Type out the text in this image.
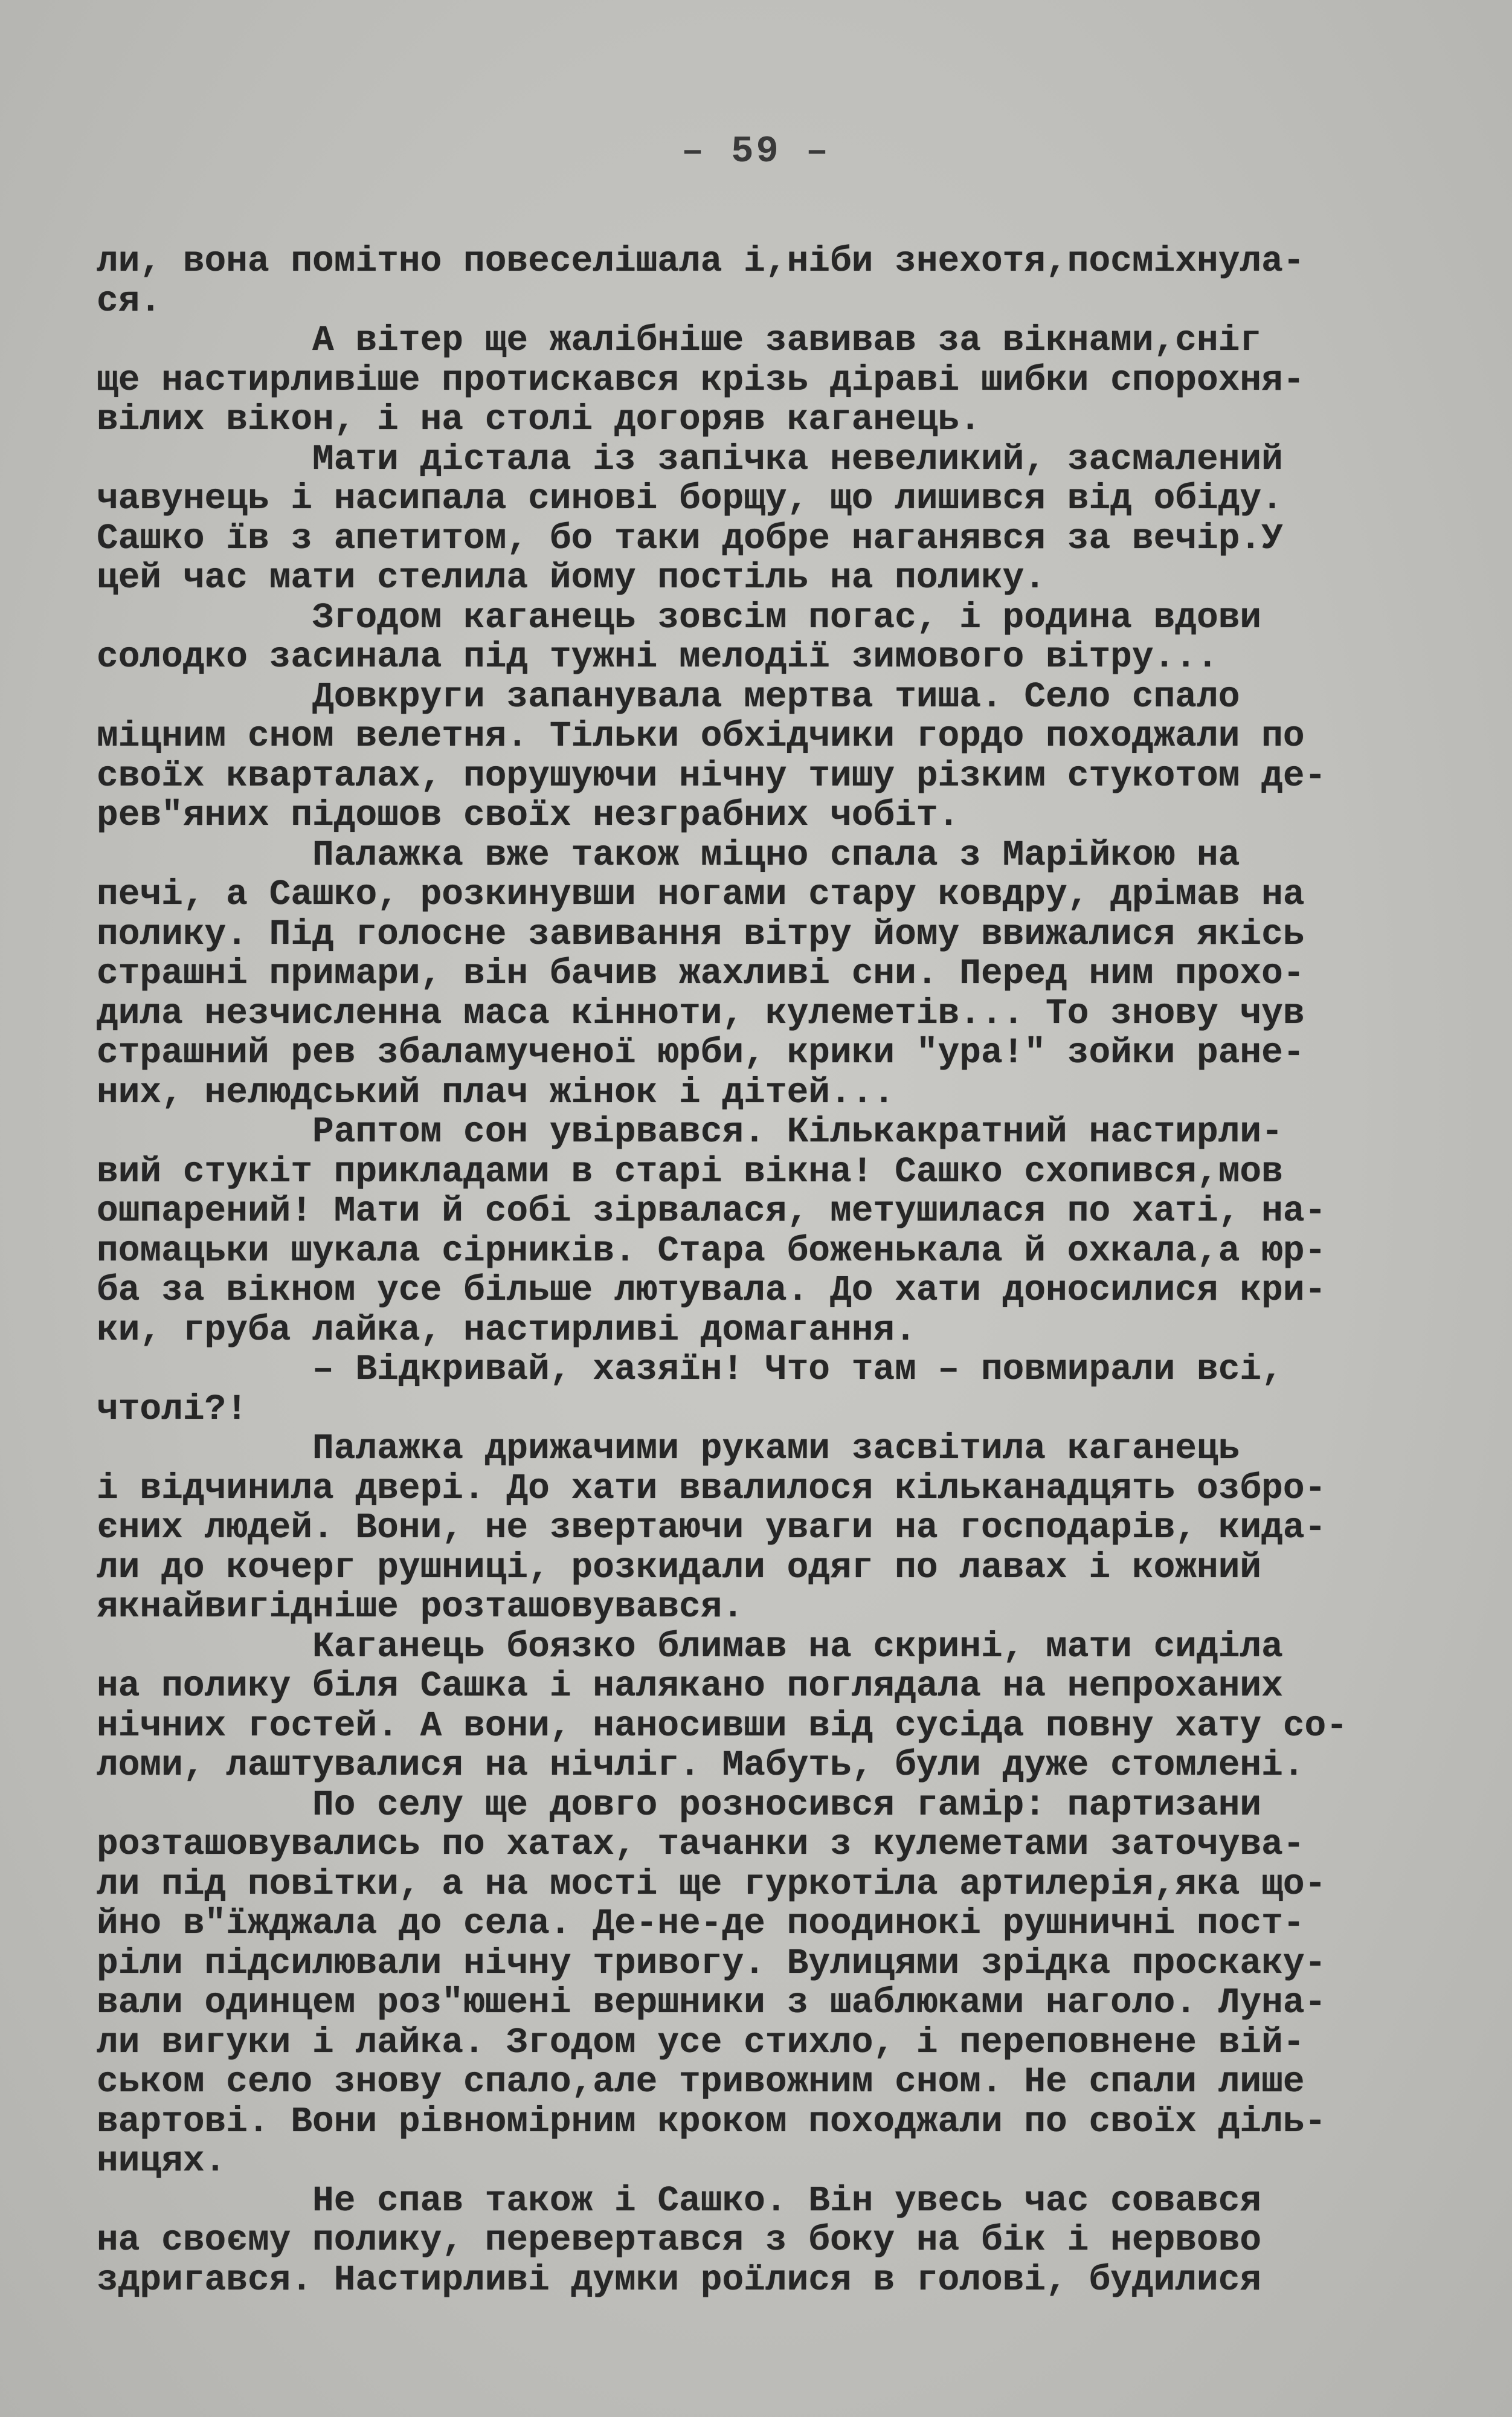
– 59 –
ли, вона помітно повеселішала і,ніби знехотя,посміхнула-
ся.
А вітер ще жалібніше завивав за вікнами,сніг
ще настирливіше протискався крізь діраві шибки спорохня-
вілих вікон, і на столі догоряв каганець.
Мати дістала із запічка невеликий, засмалений
чавунець і насипала синові борщу, що лишився від обіду.
Сашко їв з апетитом, бо таки добре наганявся за вечір.У
цей час мати стелила йому постіль на полику.
Згодом каганець зовсім погас, і родина вдови
солодко засинала під тужні мелодії зимового вітру...
Довкруги запанувала мертва тиша. Село спало
міцним сном велетня. Тільки обхідчики гордо походжали по
своїх кварталах, порушуючи нічну тишу різким стукотом де-
рев"яних підошов своїх незграбних чобіт.
Палажка вже також міцно спала з Марійкою на
печі, а Сашко, розкинувши ногами стару ковдру, дрімав на
полику. Під голосне завивання вітру йому ввижалися якісь
страшні примари, він бачив жахливі сни. Перед ним прохо-
дила незчисленна маса кінноти, кулеметів... То знову чув
страшний рев збаламученої юрби, крики "ура!" зойки ране-
них, нелюдський плач жінок і дітей...
Раптом сон увірвався. Кількакратний настирли-
вий стукіт прикладами в старі вікна! Сашко схопився,мов
ошпарений! Мати й собі зірвалася, метушилася по хаті, на-
помацьки шукала сірників. Стара боженькала й охкала,а юр-
ба за вікном усе більше лютувала. До хати доносилися кри-
ки, груба лайка, настирливі домагання.
– Відкривай, хазяїн! Что там – повмирали всі,
чтолі?!
Палажка дрижачими руками засвітила каганець
і відчинила двері. До хати ввалилося кільканадцять озбро-
єних людей. Вони, не звертаючи уваги на господарів, кида-
ли до кочерг рушниці, розкидали одяг по лавах і кожний
якнайвигідніше розташовувався.
Каганець боязко блимав на скрині, мати сиділа
на полику біля Сашка і налякано поглядала на непроханих
нічних гостей. А вони, наносивши від сусіда повну хату со-
ломи, лаштувалися на нічліг. Мабуть, були дуже стомлені.
По селу ще довго розносився гамір: партизани
розташовувались по хатах, тачанки з кулеметами заточува-
ли під повітки, а на мості ще гуркотіла артилерія,яка що-
йно в"їжджала до села. Де-не-де поодинокі рушничні пост-
ріли підсилювали нічну тривогу. Вулицями зрідка проскаку-
вали одинцем роз"юшені вершники з шаблюками наголо. Луна-
ли вигуки і лайка. Згодом усе стихло, і переповнене вій-
ськом село знову спало,але тривожним сном. Не спали лише
вартові. Вони рівномірним кроком походжали по своїх діль-
ницях.
Не спав також і Сашко. Він увесь час совався
на своєму полику, перевертався з боку на бік і нервово
здригався. Настирливі думки роїлися в голові, будилися
